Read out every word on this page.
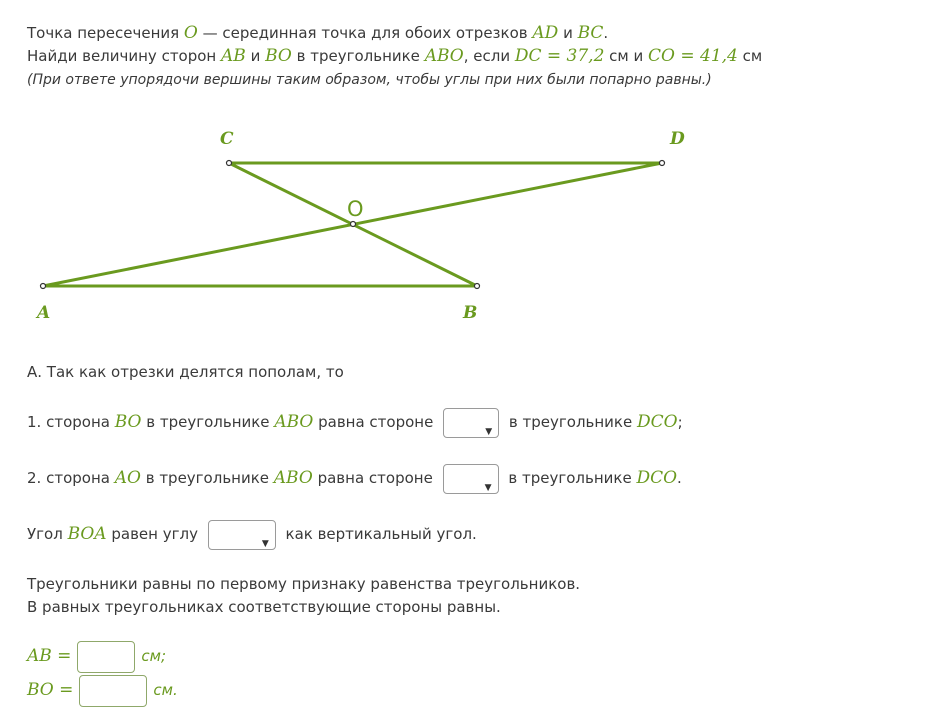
Точка пересечения O — серединная точка для обоих отрезков AD и BC.
Найди величину сторон AB и BO в треугольнике ABO, если DC = 37,2 см и CO = 41,4 см
(При ответе упорядочи вершины таким образом, чтобы углы при них были попарно равны.)
C	D
O
A	B
А. Так как отрезки делятся пополам, то
1. сторона BO в треугольнике ABO равна стороне
▼
в треугольнике DCO;
2. сторона AO в треугольнике ABO равна стороне
▼
в треугольнике DCO.
Угол BOA равен углу
▼
как вертикальный угол.
Треугольники равны по первому признаку равенства треугольников.
В равных треугольниках соответствующие стороны равны.
AB =	см;
BO =	см.
